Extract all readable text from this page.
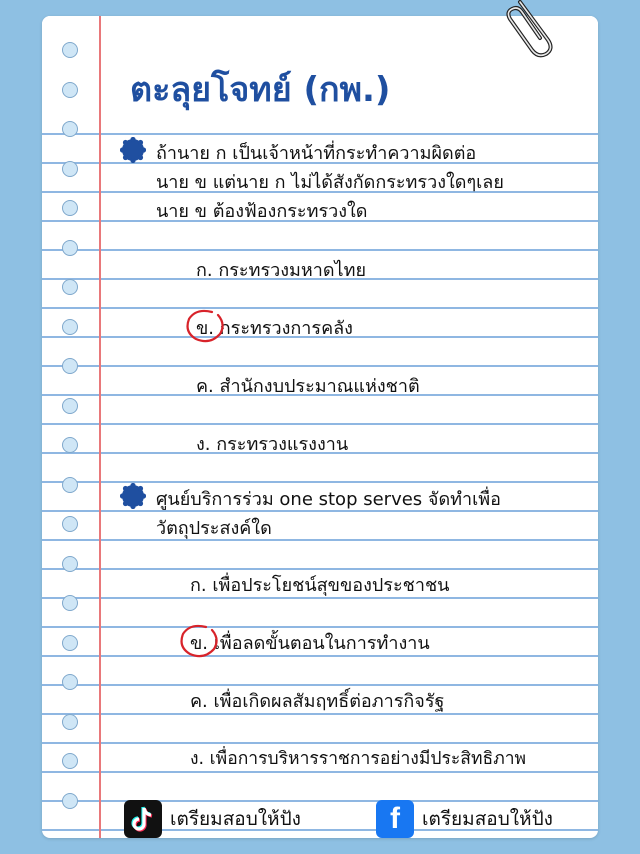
ตะลุยโจทย์ (กพ.)
ถ้านาย ก เป็นเจ้าหน้าที่กระทำความผิดต่อ
นาย ข แต่นาย ก ไม่ได้สังกัดกระทรวงใดๆเลย
นาย ข ต้องฟ้องกระทรวงใด
ก. กระทรวงมหาดไทย
ข. กระทรวงการคลัง
ค. สำนักงบประมาณแห่งชาติ
ง. กระทรวงแรงงาน
ศูนย์บริการร่วม one stop serves จัดทำเพื่อ
วัตถุประสงค์ใด
ก. เพื่อประโยชน์สุขของประชาชน
ข. เพื่อลดขั้นตอนในการทำงาน
ค. เพื่อเกิดผลสัมฤทธิ์ต่อภารกิจรัฐ
ง. เพื่อการบริหารราชการอย่างมีประสิทธิภาพ
เตรียมสอบให้ปัง	f	เตรียมสอบให้ปัง
